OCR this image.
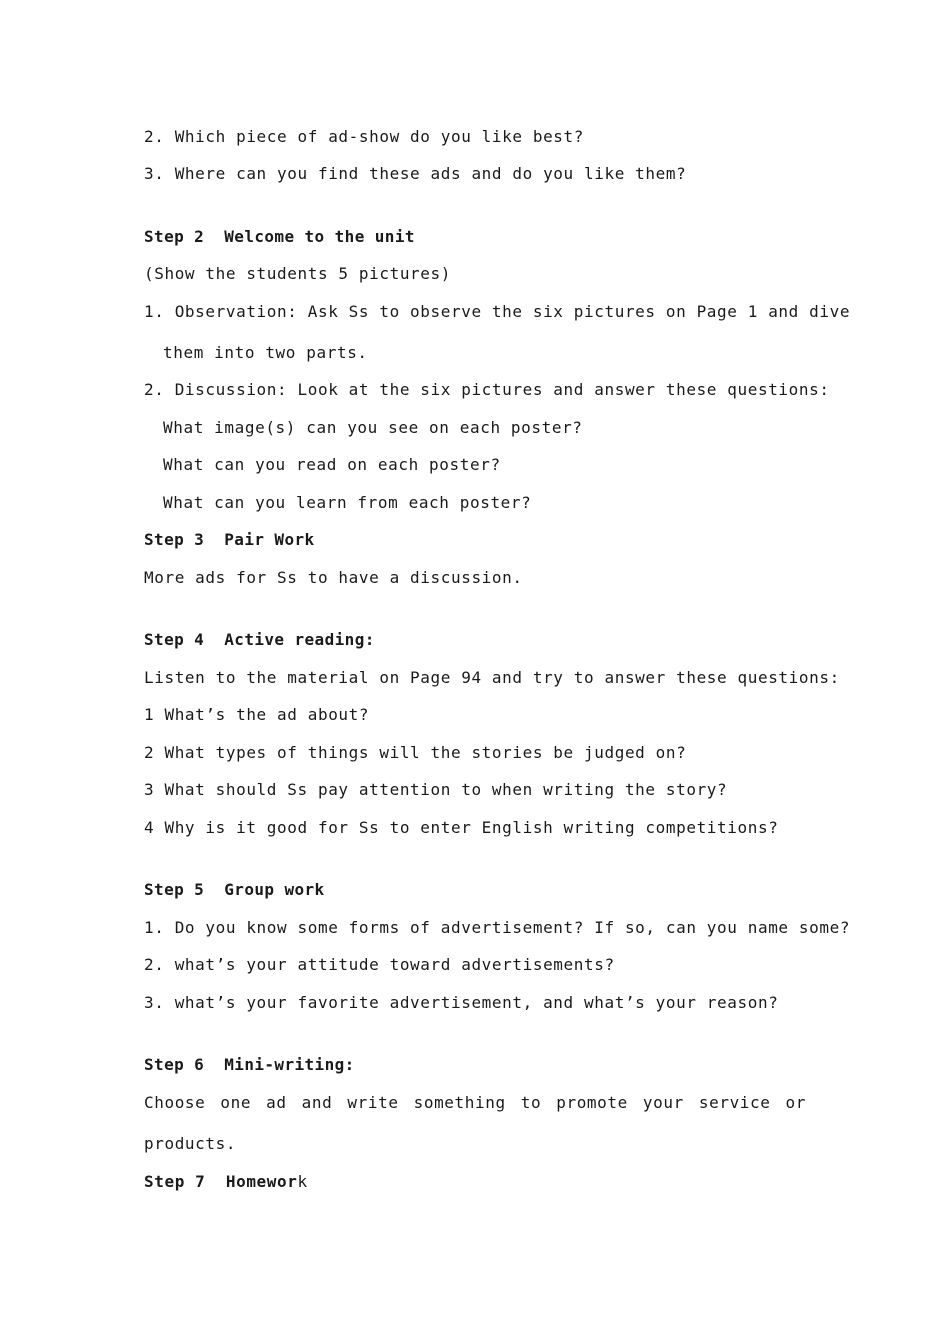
2. Which piece of ad-show do you like best?
3. Where can you find these ads and do you like them?
Step 2  Welcome to the unit
(Show the students 5 pictures)
1. Observation: Ask Ss to observe the six pictures on Page 1 and dive
them into two parts.
2. Discussion: Look at the six pictures and answer these questions:
What image(s) can you see on each poster?
What can you read on each poster?
What can you learn from each poster?
Step 3  Pair Work
More ads for Ss to have a discussion.
Step 4  Active reading:
Listen to the material on Page 94 and try to answer these questions:
1 What’s the ad about?
2 What types of things will the stories be judged on?
3 What should Ss pay attention to when writing the story?
4 Why is it good for Ss to enter English writing competitions?
Step 5  Group work
1. Do you know some forms of advertisement? If so, can you name some?
2. what’s your attitude toward advertisements?
3. what’s your favorite advertisement, and what’s your reason?
Step 6  Mini-writing:
Choose one ad and write something to promote your service or
products.
Step 7  Homework
